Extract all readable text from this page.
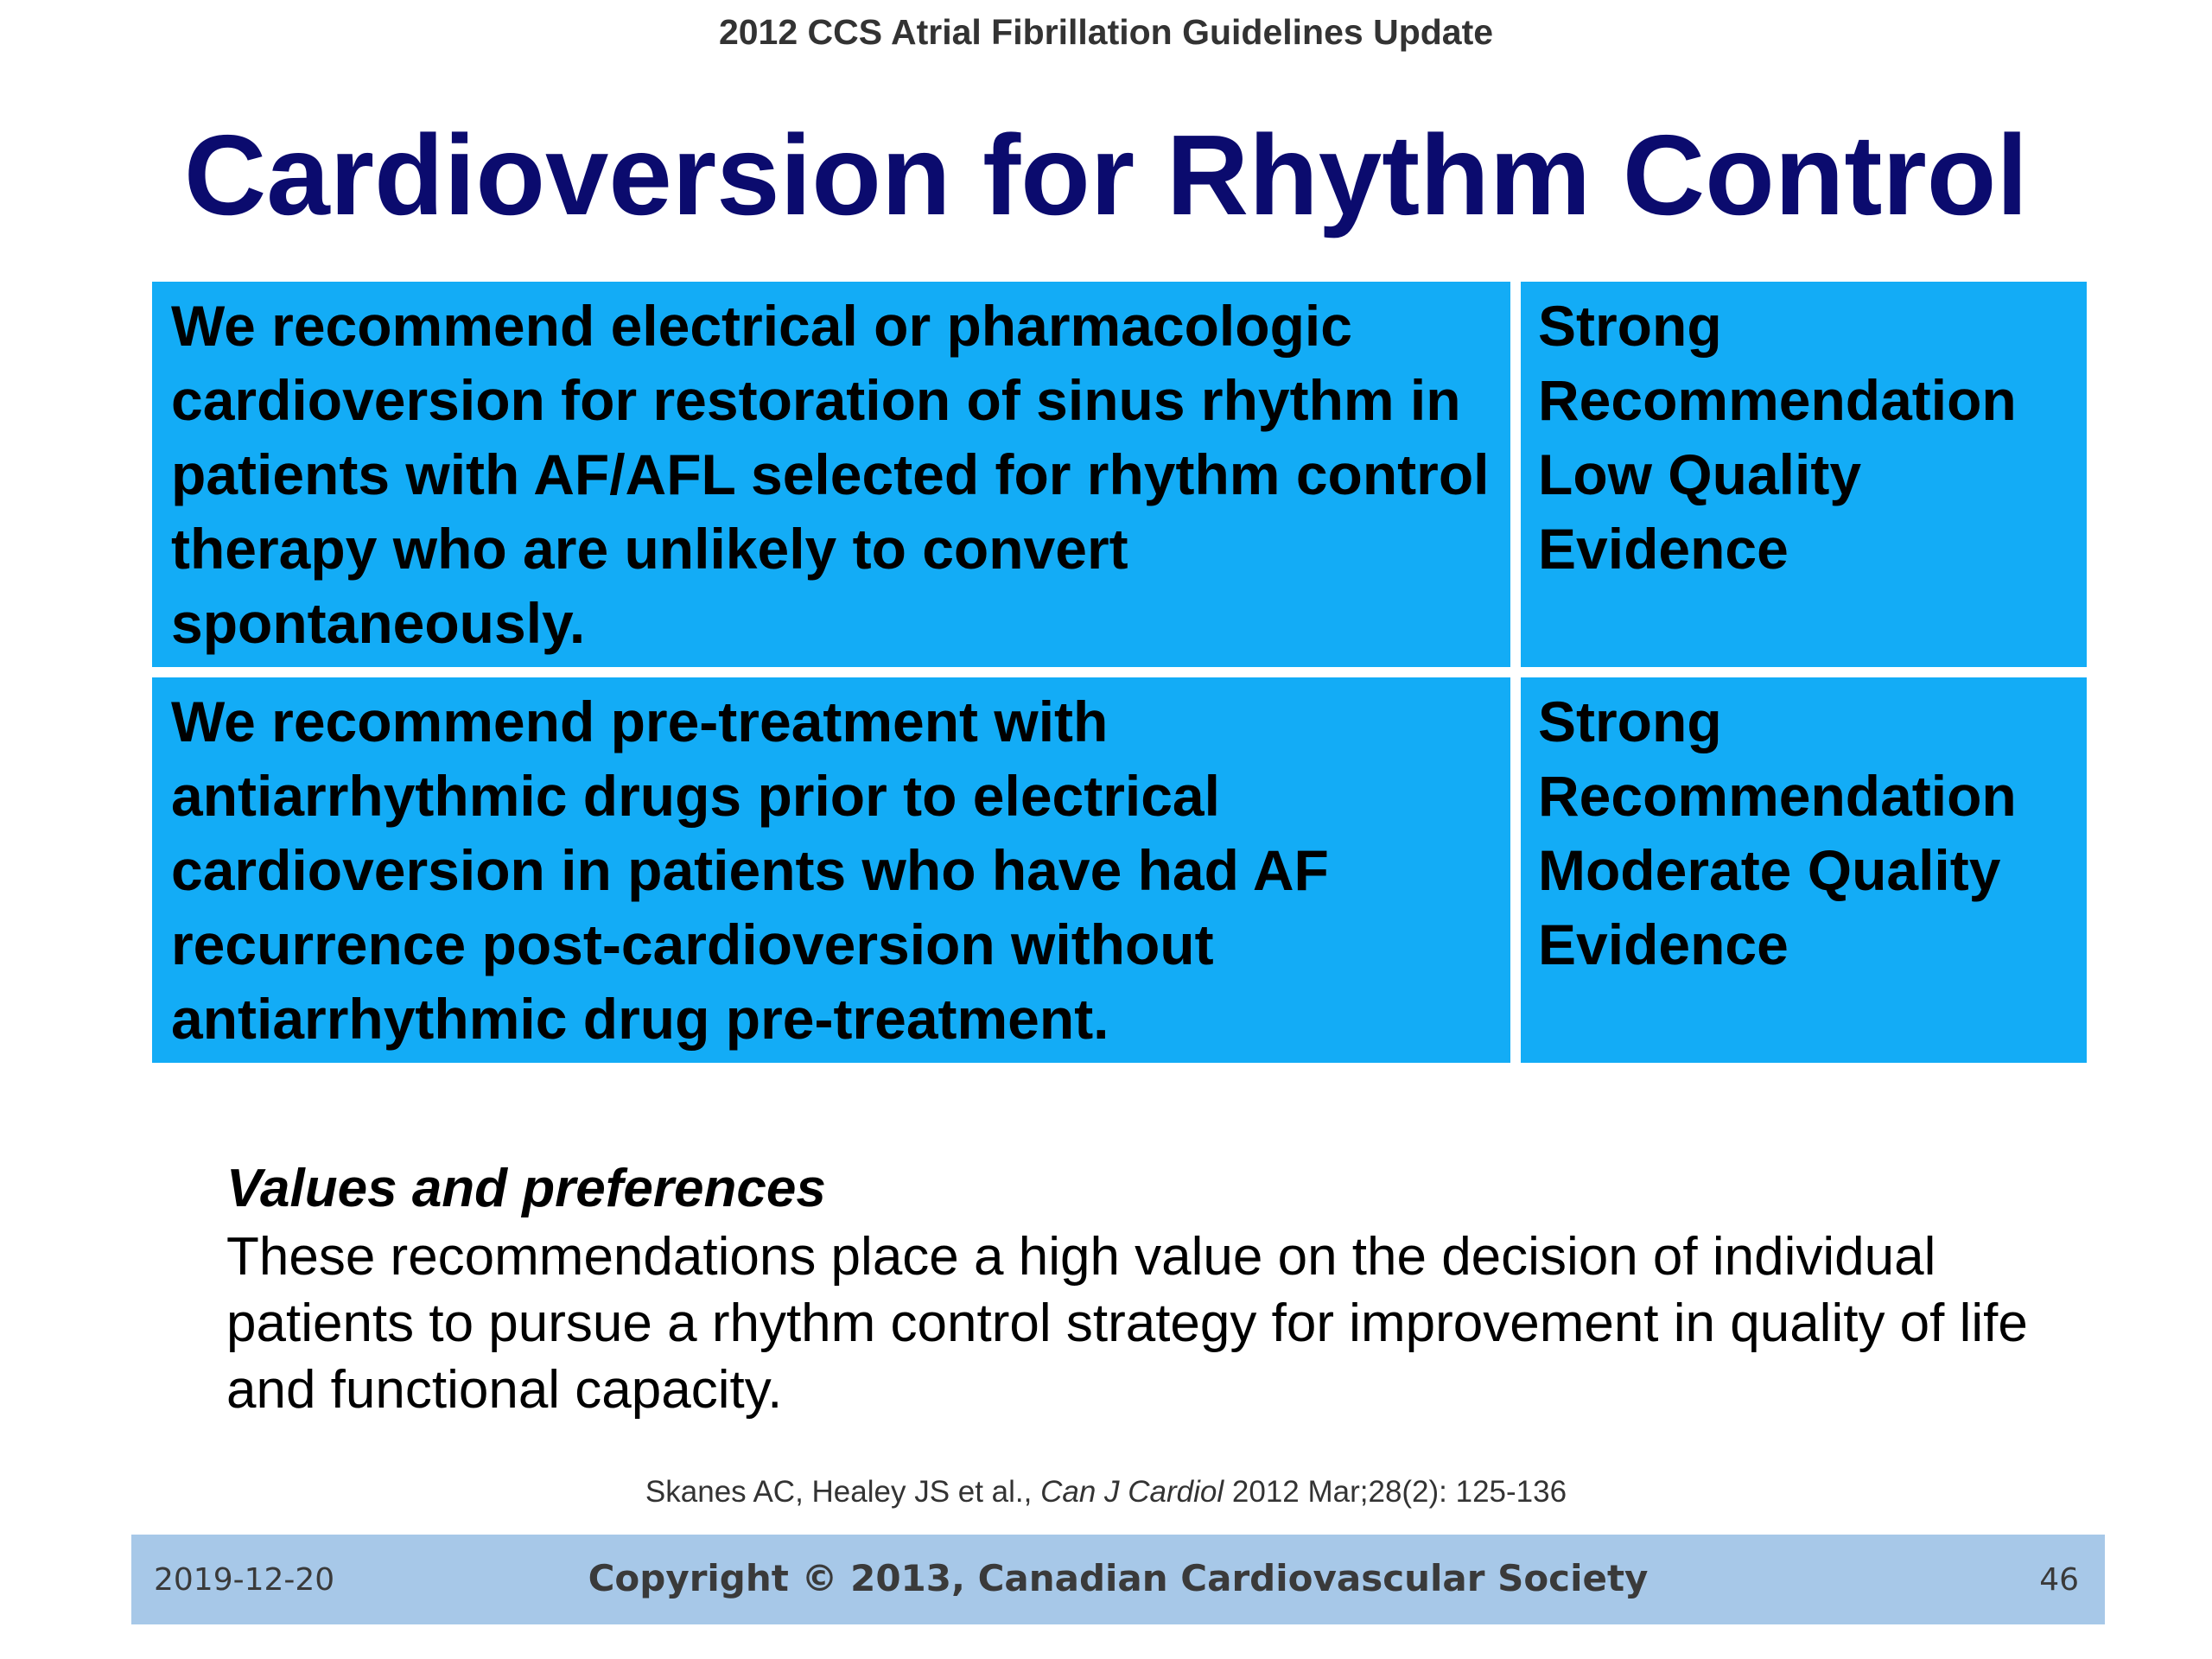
2012 CCS Atrial Fibrillation Guidelines Update
Cardioversion for Rhythm Control
We recommend electrical or pharmacologic cardioversion for restoration of sinus rhythm in patients with AF/AFL selected for rhythm control therapy who are unlikely to convert spontaneously.
Strong
Recommendation
Low Quality
Evidence
We recommend pre-treatment with antiarrhythmic drugs prior to electrical cardioversion in patients who have had AF recurrence post-cardioversion without antiarrhythmic drug pre-treatment.
Strong
Recommendation
Moderate Quality
Evidence
Values and preferences
These recommendations place a high value on the decision of individual patients to pursue a rhythm control strategy for improvement in quality of life and functional capacity.
Skanes AC, Healey JS et al., Can J Cardiol 2012 Mar;28(2): 125-136
2019-12-20	Copyright © 2013, Canadian Cardiovascular Society	46
